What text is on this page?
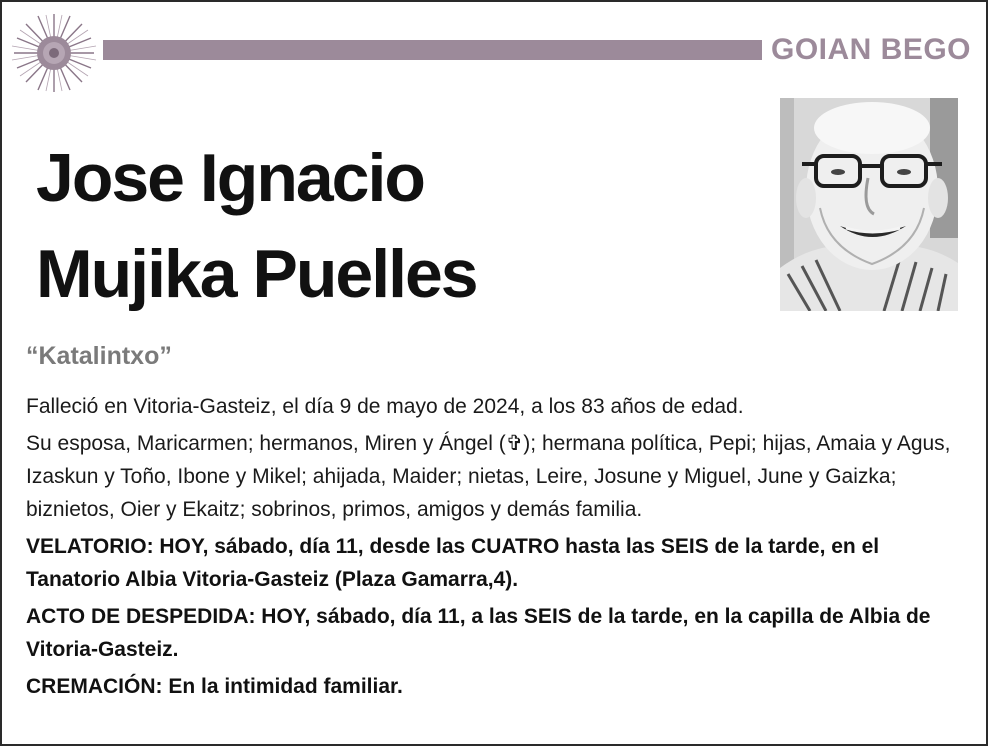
GOIAN BEGO
Jose Ignacio
Mujika Puelles
“Katalintxo”

Falleció en Vitoria-Gasteiz, el día 9 de mayo de 2024, a los 83 años de edad.

Su esposa, Maricarmen; hermanos, Miren y Ángel (✞); hermana política, Pepi; hijas, Amaia y Agus, Izaskun y Toño, Ibone y Mikel; ahijada, Maider; nietas, Leire, Josune y Miguel, June y Gaizka; biznietos, Oier y Ekaitz; sobrinos, primos, amigos y demás familia.

VELATORIO: HOY, sábado, día 11, desde las CUATRO hasta las SEIS de la tarde, en el Tanatorio Albia Vitoria-Gasteiz (Plaza Gamarra,4).

ACTO DE DESPEDIDA: HOY, sábado, día 11, a las SEIS de la tarde, en la capilla de Albia de Vitoria-Gasteiz.

CREMACIÓN: En la intimidad familiar.
